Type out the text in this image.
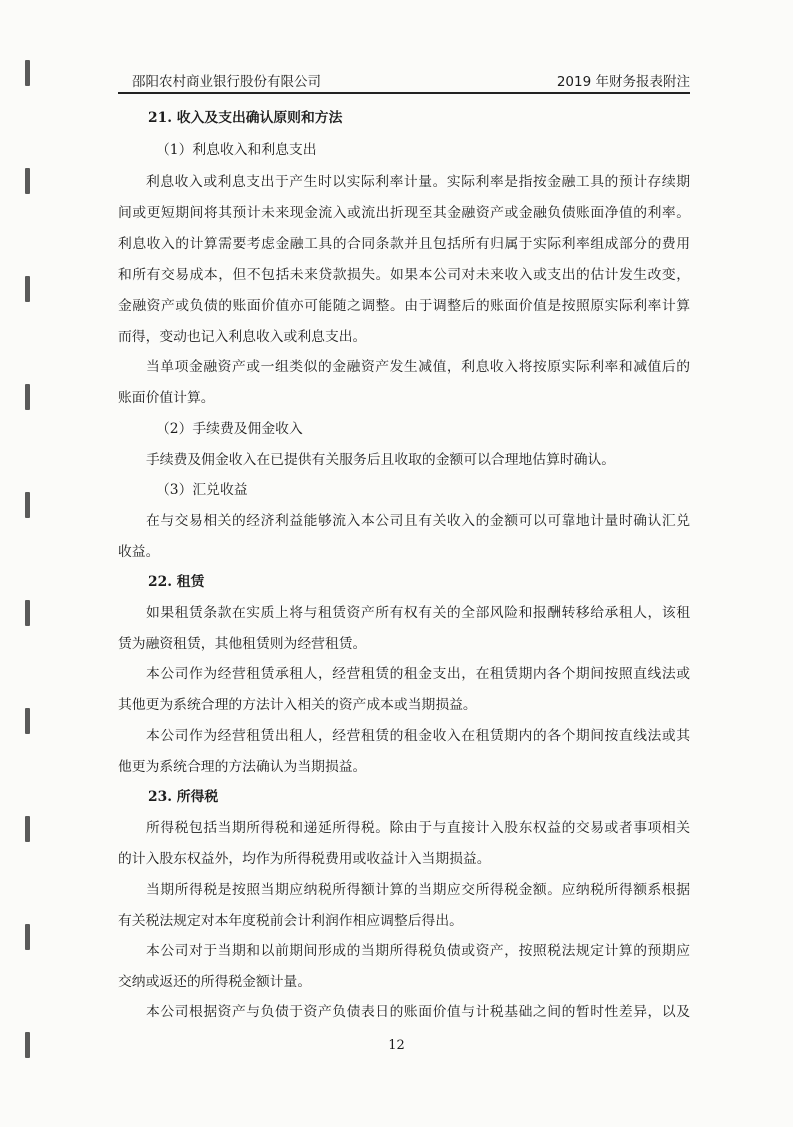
邵阳农村商业银行股份有限公司	2019 年财务报表附注
21. 收入及支出确认原则和方法
（1）利息收入和利息支出
利息收入或利息支出于产生时以实际利率计量。实际利率是指按金融工具的预计存续期
间或更短期间将其预计未来现金流入或流出折现至其金融资产或金融负债账面净值的利率。
利息收入的计算需要考虑金融工具的合同条款并且包括所有归属于实际利率组成部分的费用
和所有交易成本，但不包括未来贷款损失。如果本公司对未来收入或支出的估计发生改变，
金融资产或负债的账面价值亦可能随之调整。由于调整后的账面价值是按照原实际利率计算
而得，变动也记入利息收入或利息支出。
当单项金融资产或一组类似的金融资产发生减值，利息收入将按原实际利率和减值后的
账面价值计算。
（2）手续费及佣金收入
手续费及佣金收入在已提供有关服务后且收取的金额可以合理地估算时确认。
（3）汇兑收益
在与交易相关的经济利益能够流入本公司且有关收入的金额可以可靠地计量时确认汇兑
收益。
22. 租赁
如果租赁条款在实质上将与租赁资产所有权有关的全部风险和报酬转移给承租人，该租
赁为融资租赁，其他租赁则为经营租赁。
本公司作为经营租赁承租人，经营租赁的租金支出，在租赁期内各个期间按照直线法或
其他更为系统合理的方法计入相关的资产成本或当期损益。
本公司作为经营租赁出租人，经营租赁的租金收入在租赁期内的各个期间按直线法或其
他更为系统合理的方法确认为当期损益。
23. 所得税
所得税包括当期所得税和递延所得税。除由于与直接计入股东权益的交易或者事项相关
的计入股东权益外，均作为所得税费用或收益计入当期损益。
当期所得税是按照当期应纳税所得额计算的当期应交所得税金额。应纳税所得额系根据
有关税法规定对本年度税前会计利润作相应调整后得出。
本公司对于当期和以前期间形成的当期所得税负债或资产，按照税法规定计算的预期应
交纳或返还的所得税金额计量。
本公司根据资产与负债于资产负债表日的账面价值与计税基础之间的暂时性差异，以及
12
